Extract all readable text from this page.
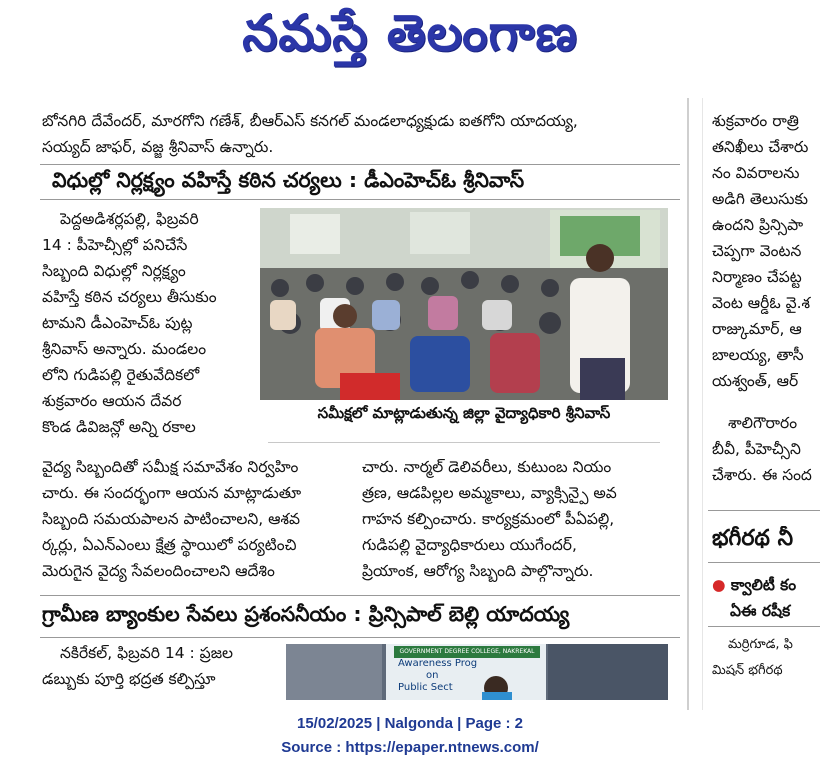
నమస్తే తెలంగాణ
బోనగిరి దేవేందర్, మారగోని గణేశ్, బీఆర్ఎస్ కనగల్ మండలాధ్యక్షుడు ఐతగోని యాదయ్య,
సయ్యద్ జాఫర్, వజ్జ శ్రీనివాస్ ఉన్నారు.
విధుల్లో నిర్లక్ష్యం వహిస్తే కఠిన చర్యలు : డీఎంహెచ్ఓ శ్రీనివాస్
పెద్దఅడిశర్లపల్లి, ఫిబ్రవరి
14 : పీహెచ్సీల్లో పనిచేసే
సిబ్బంది విధుల్లో నిర్లక్ష్యం
వహిస్తే కఠిన చర్యలు తీసుకుం
టామని డీఎంహెచ్ఓ పుట్ల
శ్రీనివాస్ అన్నారు. మండలం
లోని గుడిపల్లి రైతువేదికలో
శుక్రవారం ఆయన దేవర
కొండ డివిజన్లో అన్ని రకాల
సమీక్షలో మాట్లాడుతున్న జిల్లా వైద్యాధికారి శ్రీనివాస్
వైద్య సిబ్బందితో సమీక్ష సమావేశం నిర్వహిం
చారు. ఈ సందర్భంగా ఆయన మాట్లాడుతూ
సిబ్బంది సమయపాలన పాటించాలని, ఆశవ
ర్కర్లు, ఏఎన్ఎంలు క్షేత్ర స్థాయిలో పర్యటించి
మెరుగైన వైద్య సేవలందించాలని ఆదేశిం
చారు. నార్మల్ డెలివరీలు, కుటుంబ నియం
త్రణ, ఆడపిల్లల అమ్మకాలు, వ్యాక్సిన్పై అవ
గాహన కల్పించారు. కార్యక్రమంలో పీఏపల్లి,
గుడిపల్లి వైద్యాధికారులు యుగేందర్,
ప్రియాంక, ఆరోగ్య సిబ్బంది పాల్గొన్నారు.
గ్రామీణ బ్యాంకుల సేవలు ప్రశంసనీయం : ప్రిన్సిపాల్ బెల్లి యాదయ్య
నకిరేకల్, ఫిబ్రవరి 14 : ప్రజల
డబ్బుకు పూర్తి భద్రత కల్పిస్తూ
GOVERNMENT DEGREE COLLEGE, NAKREKAL
Awareness Prog
on
Public Sect
శుక్రవారం రాత్రి
తనిఖీలు చేశారు
నం వివరాలను
అడిగి తెలుసుకు
ఉందని ప్రిన్సిపా
చెప్పగా వెంటన
నిర్మాణం చేపట్ట
వెంట ఆర్డీఓ వై.శ
రాజ్కుమార్, ఆ
బాలయ్య, తాసీ
యశ్వంత్, ఆర్
శాలిగౌరారం
బీవీ, పీహెచ్సీని
చేశారు. ఈ సంద
భగీరథ నీ
● క్వాలిటీ కం
ఏఈ రషీక
మర్రిగూడ, ఫి
మిషన్ భగీరథ
15/02/2025 | Nalgonda | Page : 2
Source : https://epaper.ntnews.com/
